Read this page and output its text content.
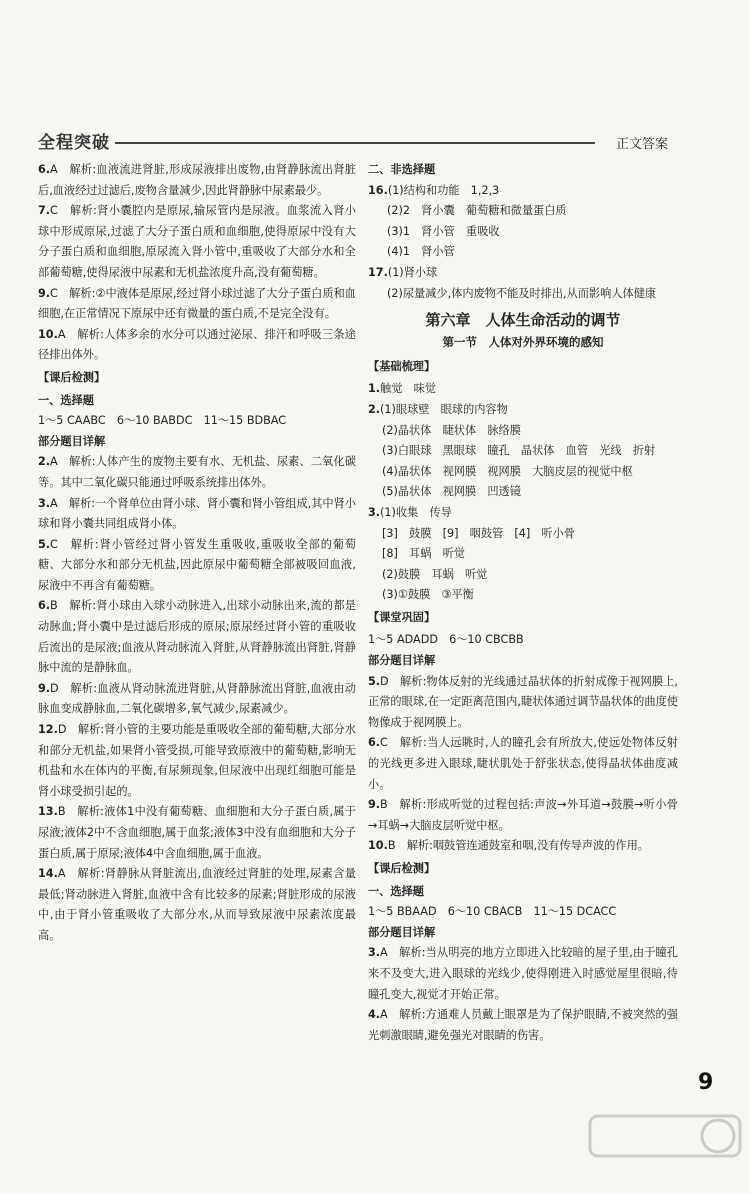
全程突破	正文答案

6.A　解析:血液流进肾脏,形成尿液排出废物,由肾静脉流出肾脏后,血液经过过滤后,废物含量减少,因此肾静脉中尿素最少。

7.C　解析:肾小囊腔内是原尿,输尿管内是尿液。血浆流入肾小球中形成原尿,过滤了大分子蛋白质和血细胞,使得原尿中没有大分子蛋白质和血细胞,原尿流入肾小管中,重吸收了大部分水和全部葡萄糖,使得尿液中尿素和无机盐浓度升高,没有葡萄糖。

9.C　解析:②中液体是原尿,经过肾小球过滤了大分子蛋白质和血细胞,在正常情况下原尿中还有微量的蛋白质,不是完全没有。

10.A　解析:人体多余的水分可以通过泌尿、排汗和呼吸三条途径排出体外。

【课后检测】

一、选择题

1～5 CAABC　6～10 BABDC　11～15 BDBAC

部分题目详解

2.A　解析:人体产生的废物主要有水、无机盐、尿素、二氧化碳等。其中二氧化碳只能通过呼吸系统排出体外。

3.A　解析:一个肾单位由肾小球、肾小囊和肾小管组成,其中肾小球和肾小囊共同组成肾小体。

5.C　解析:肾小管经过肾小管发生重吸收,重吸收全部的葡萄糖、大部分水和部分无机盐,因此原尿中葡萄糖全部被吸回血液,尿液中不再含有葡萄糖。

6.B　解析:肾小球由入球小动脉进入,出球小动脉出来,流的都是动脉血;肾小囊中是过滤后形成的原尿;原尿经过肾小管的重吸收后流出的是尿液;血液从肾动脉流入肾脏,从肾静脉流出肾脏,肾静脉中流的是静脉血。

9.D　解析:血液从肾动脉流进肾脏,从肾静脉流出肾脏,血液由动脉血变成静脉血,二氧化碳增多,氧气减少,尿素减少。

12.D　解析:肾小管的主要功能是重吸收全部的葡萄糖,大部分水和部分无机盐,如果肾小管受损,可能导致原液中的葡萄糖,影响无机盐和水在体内的平衡,有尿频现象,但尿液中出现红细胞可能是肾小球受损引起的。

13.B　解析:液体1中没有葡萄糖、血细胞和大分子蛋白质,属于尿液;液体2中不含血细胞,属于血浆;液体3中没有血细胞和大分子蛋白质,属于原尿;液体4中含血细胞,属于血液。

14.A　解析:肾静脉从肾脏流出,血液经过肾脏的处理,尿素含量最低;肾动脉进入肾脏,血液中含有比较多的尿素;肾脏形成的尿液中,由于肾小管重吸收了大部分水,从而导致尿液中尿素浓度最高。

二、非选择题

16.(1)结构和功能　1,2,3

(2)2　肾小囊　葡萄糖和微量蛋白质

(3)1　肾小管　重吸收

(4)1　肾小管

17.(1)肾小球

(2)尿量减少,体内废物不能及时排出,从而影响人体健康

第六章　人体生命活动的调节

第一节　人体对外界环境的感知

【基础梳理】

1.触觉　味觉

2.(1)眼球壁　眼球的内容物

(2)晶状体　睫状体　脉络膜

(3)白眼球　黑眼球　瞳孔　晶状体　血管　光线　折射

(4)晶状体　视网膜　视网膜　大脑皮层的视觉中枢

(5)晶状体　视网膜　凹透镜

3.(1)收集　传导

[3]　鼓膜　[9]　咽鼓管　[4]　听小骨

[8]　耳蜗　听觉

(2)鼓膜　耳蜗　听觉

(3)①鼓膜　③平衡

【课堂巩固】

1～5 ADADD　6～10 CBCBB

部分题目详解

5.D　解析:物体反射的光线通过晶状体的折射成像于视网膜上,正常的眼球,在一定距离范围内,睫状体通过调节晶状体的曲度使物像成于视网膜上。

6.C　解析:当人远眺时,人的瞳孔会有所放大,使远处物体反射的光线更多进入眼球,睫状肌处于舒张状态,使得晶状体曲度减小。

9.B　解析:形成听觉的过程包括:声波→外耳道→鼓膜→听小骨→耳蜗→大脑皮层听觉中枢。

10.B　解析:咽鼓管连通鼓室和咽,没有传导声波的作用。

【课后检测】

一、选择题

1～5 BBAAD　6～10 CBACB　11～15 DCACC

部分题目详解

3.A　解析:当从明亮的地方立即进入比较暗的屋子里,由于瞳孔来不及变大,进入眼球的光线少,使得刚进入时感觉屋里很暗,待瞳孔变大,视觉才开始正常。

4.A　解析:方通难人员戴上眼罩是为了保护眼睛,不被突然的强光刺激眼睛,避免强光对眼睛的伤害。

9
